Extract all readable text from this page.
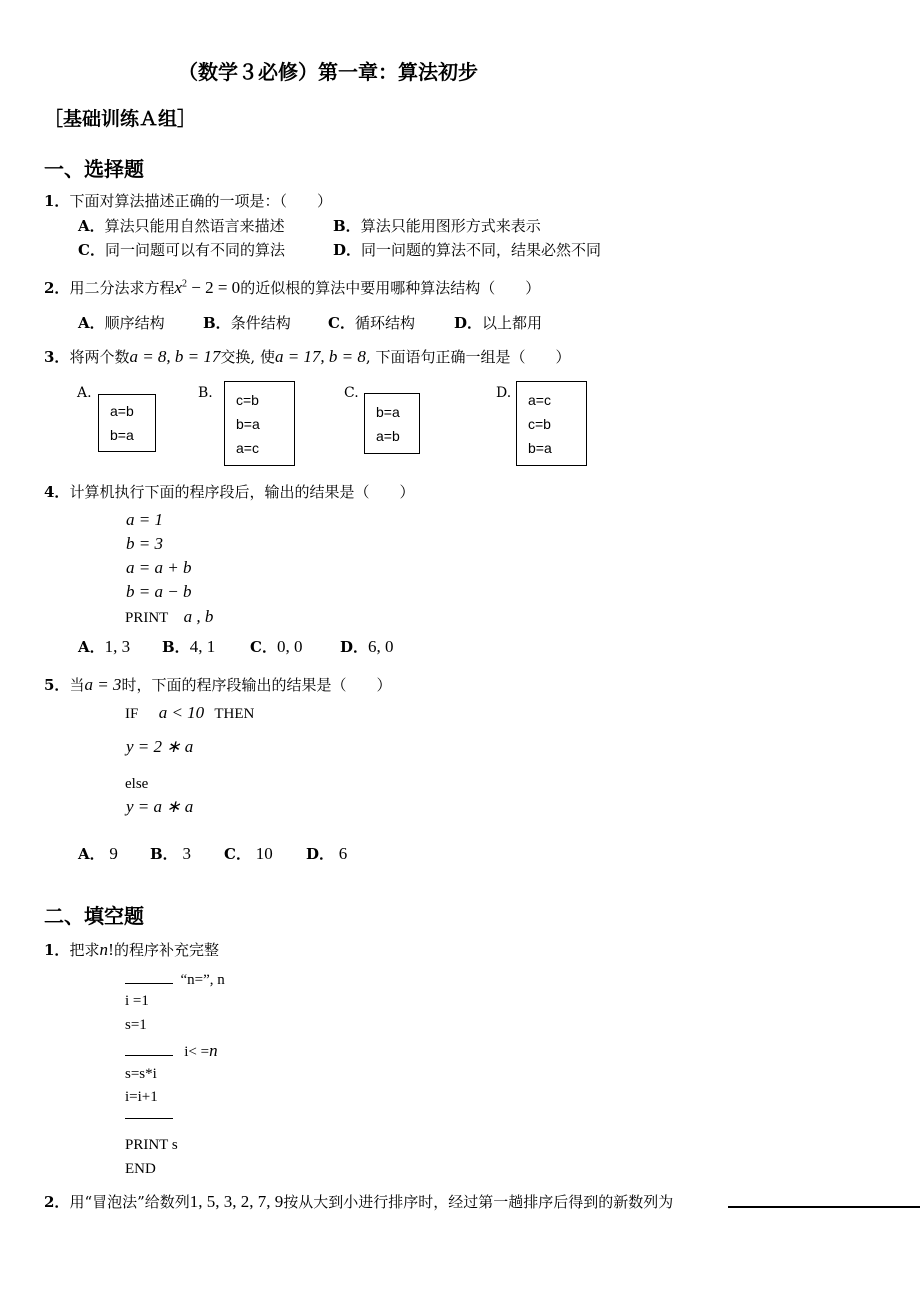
（数学３必修）第一章：算法初步
［基础训练Ａ组］
一、选择题
1．下面对算法描述正确的一项是：（　　）
A．算法只能用自然语言来描述	B．算法只能用图形方式来表示
C．同一问题可以有不同的算法	D．同一问题的算法不同，结果必然不同
2．用二分法求方程$x^2 - 2 = 0$的近似根的算法中要用哪种算法结构（　　）
A．顺序结构	B．条件结构 C．循环结构	D．以上都用
3．将两个数a = 8, b = 17交换, 使a = 17, b = 8, 下面语句正确一组是（　　）
A.
a=b
b=a
B.	c=b
b=a
a=c
C.
b=a
a=b
D.	a=c
c=b
b=a
4．计算机执行下面的程序段后，输出的结果是（　　）
a = 1
b = 3
a = a + b
b = a − b
PRINT a , b
A．1, 3 B．4, 1 C．0, 0	D．6, 0
5．当a = 3时，下面的程序段输出的结果是（　　）
IF a < 10 THEN
y = 2 ∗ a
else
y = a ∗ a
A． 9 B． 3 C． 10 D． 6
二、填空题
1．把求n!的程序补充完整
“n=”, n
i =1
s=1
i< =n
s=s*i
i=i+1
PRINT s
END
2．用“冒泡法”给数列1, 5, 3, 2, 7, 9按从大到小进行排序时，经过第一趟排序后得到的新数列为
